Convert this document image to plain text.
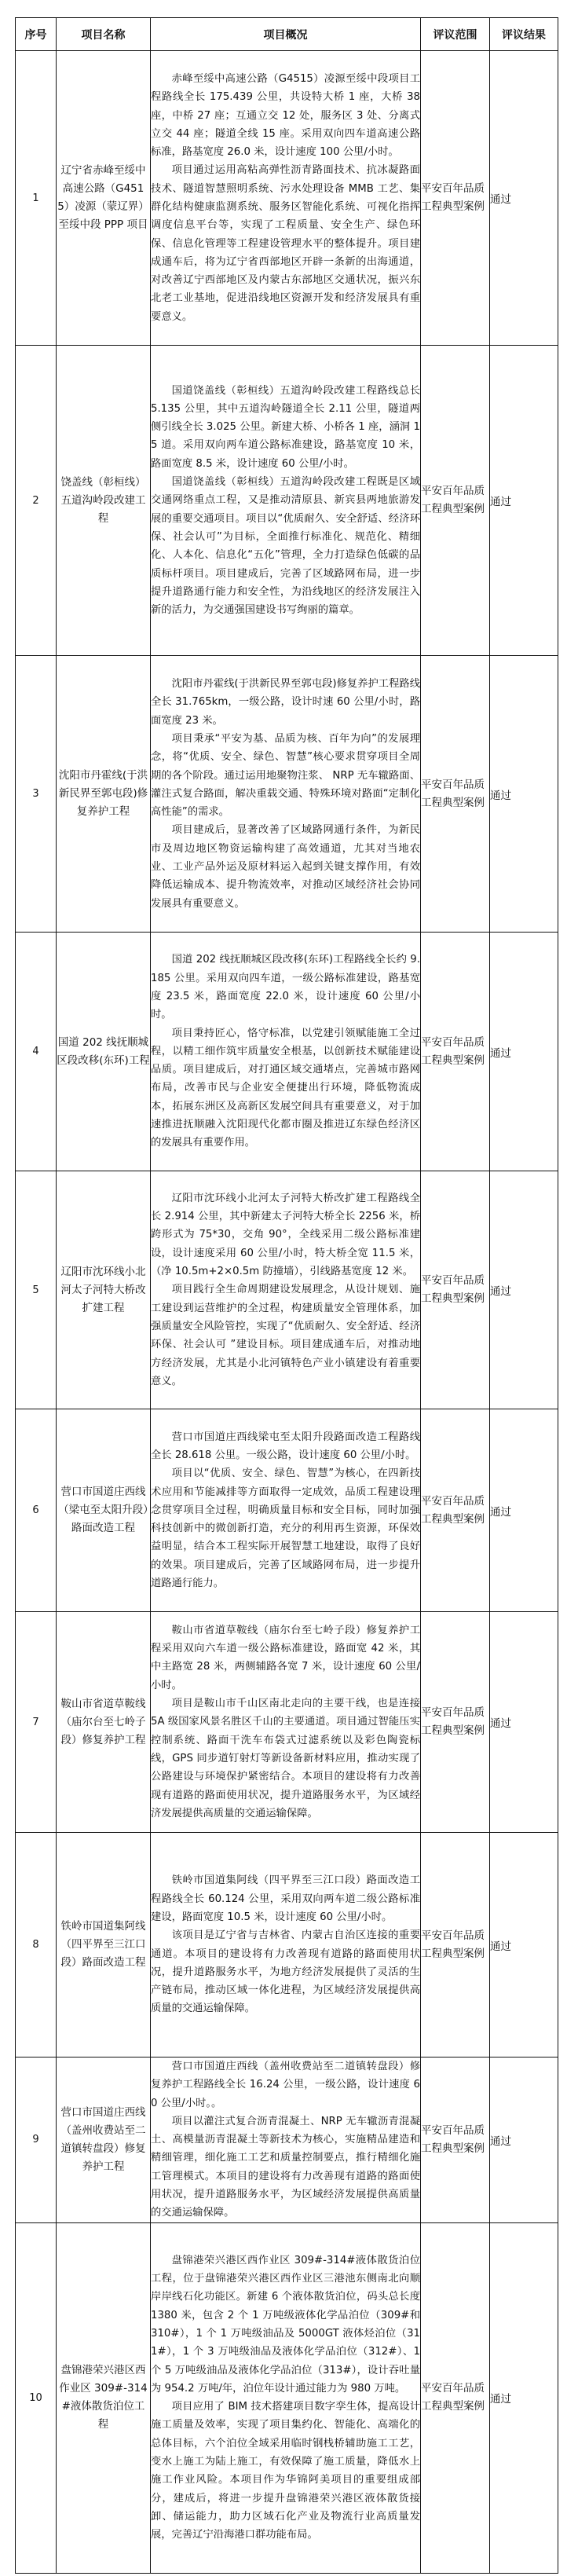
序号	项目名称	项目概况	评议范围	评议结果
1	辽宁省赤峰至绥中高速公路（G4515）凌源（蒙辽界）至绥中段 PPP 项目	赤峰至绥中高速公路（G4515）凌源至绥中段项目工程路线全长 175.439 公里，共设特大桥 1 座，大桥 38 座，中桥 27 座；互通立交 12 处，服务区 3 处、分离式立交 44 座；隧道全线 15 座。采用双向四车道高速公路标准，路基宽度 26.0 米，设计速度 100 公里/小时。

项目通过运用高粘高弹性沥青路面技术、抗冰凝路面技术、隧道智慧照明系统、污水处理设备 MMB 工艺、集群化结构健康监测系统、服务区智能化系统、可视化指挥调度信息平台等，实现了工程质量、安全生产、绿色环保、信息化管理等工程建设管理水平的整体提升。项目建成通车后，将为辽宁省西部地区开辟一条新的出海通道，对改善辽宁西部地区及内蒙古东部地区交通状况，振兴东北老工业基地，促进沿线地区资源开发和经济发展具有重要意义。	平安百年品质工程典型案例	通过
2	饶盖线（彰桓线）五道沟岭段改建工程	国道饶盖线（彰桓线）五道沟岭段改建工程路线总长 5.135 公里，其中五道沟岭隧道全长 2.11 公里，隧道两侧引线全长 3.025 公里。新建大桥、小桥各 1 座，涵洞 15 道。采用双向两车道公路标准建设，路基宽度 10 米，路面宽度 8.5 米，设计速度 60 公里/小时。

国道饶盖线（彰桓线）五道沟岭段改建工程既是区域交通网络重点工程，又是推动清原县、新宾县两地旅游发展的重要交通项目。项目以“优质耐久、安全舒适、经济环保、社会认可”为目标，全面推行标准化、规范化、精细化、人本化、信息化“五化”管理，全力打造绿色低碳的品质标杆项目。项目建成后，完善了区域路网布局，进一步提升道路通行能力和安全性，为沿线地区的经济发展注入新的活力，为交通强国建设书写绚丽的篇章。	平安百年品质工程典型案例	通过
3	沈阳市丹霍线(于洪新民界至郭屯段)修复养护工程	沈阳市丹霍线(于洪新民界至郭屯段)修复养护工程路线全长 31.765km，一级公路，设计时速 60 公里/小时，路面宽度 23 米。

项目秉承“平安为基、品质为核、百年为向”的发展理念，将“优质、安全、绿色、智慧”核心要求贯穿项目全周期的各个阶段。通过运用地聚物注浆、 NRP 无车辙路面、灌注式复合路面，解决重载交通、特殊环境对路面“定制化高性能”的需求。

项目建成后，显著改善了区域路网通行条件，为新民市及周边地区物资运输构建了高效通道，尤其对当地农业、工业产品外运及原材料运入起到关键支撑作用，有效降低运输成本、提升物流效率，对推动区域经济社会协同发展具有重要意义。	平安百年品质工程典型案例	通过
4	国道 202 线抚顺城区段改移(东环)工程	国道 202 线抚顺城区段改移(东环)工程路线全长约 9.185 公里。采用双向四车道，一级公路标准建设，路基宽度 23.5 米，路面宽度 22.0 米，设计速度 60 公里/小时。

项目秉持匠心，恪守标准，以党建引领赋能施工全过程，以精工细作筑牢质量安全根基，以创新技术赋能建设品质。项目建成后，对打通区域交通堵点，完善城市路网布局，改善市民与企业安全便捷出行环境，降低物流成本，拓展东洲区及高新区发展空间具有重要意义，对于加速推进抚顺融入沈阳现代化都市圈及推进辽东绿色经济区的发展具有重要作用。	平安百年品质工程典型案例	通过
5	辽阳市沈环线小北河太子河特大桥改扩建工程	辽阳市沈环线小北河太子河特大桥改扩建工程路线全长 2.914 公里，其中新建太子河特大桥全长 2256 米，桥跨形式为 75*30，交角 90°，全线采用二级公路标准建设，设计速度采用 60 公里/小时，特大桥全宽 11.5 米，（净 10.5m+2×0.5m 防撞墙），引线路基宽度 12 米。

项目践行全生命周期建设发展理念，从设计规划、施工建设到运营维护的全过程，构建质量安全管理体系，加强质量安全风险管控，实现了“优质耐久、安全舒适、经济环保、社会认可 ”建设目标。项目建成通车后，对推动地方经济发展，尤其是小北河镇特色产业小镇建设有着重要意义。	平安百年品质工程典型案例	通过
6	营口市国道庄西线（梁屯至太阳升段）路面改造工程	营口市国道庄西线梁屯至太阳升段路面改造工程路线全长 28.618 公里。一级公路，设计速度 60 公里/小时。

项目以“优质、安全、绿色、智慧”为核心，在四新技术应用和节能减排等方面取得一定成效，品质工程建设理念贯穿项目全过程，明确质量目标和安全目标，同时加强科技创新中的微创新打造，充分的利用再生资源，环保效益明显，结合本工程实际开展智慧工地建设，取得了良好的效果。项目建成后，完善了区域路网布局，进一步提升道路通行能力。	平安百年品质工程典型案例	通过
7	鞍山市省道草鞍线（庙尔台至七岭子段）修复养护工程	鞍山市省道草鞍线（庙尔台至七岭子段）修复养护工程采用双向六车道一级公路标准建设，路面宽 42 米，其中主路宽 28 米，两侧辅路各宽 7 米，设计速度 60 公里/小时。

项目是鞍山市千山区南北走向的主要干线，也是连接 5A 级国家风景名胜区千山的主要通道。项目通过智能压实控制系统、路面干洗车布袋式过滤系统以及彩色陶瓷标线，GPS 同步道钉射灯等新设备新材料应用，推动实现了公路建设与环境保护紧密结合。本项目的建设将有力改善现有道路的路面使用状况，提升道路服务水平，为区域经济发展提供高质量的交通运输保障。	平安百年品质工程典型案例	通过
8	铁岭市国道集阿线（四平界至三江口段）路面改造工程	铁岭市国道集阿线（四平界至三江口段）路面改造工程路线全长 60.124 公里，采用双向两车道二级公路标准建设，路面宽度 10.5 米，设计速度 60 公里/小时。

该项目是辽宁省与吉林省、内蒙古自治区连接的重要通道。本项目的建设将有力改善现有道路的路面使用状况，提升道路服务水平，为地方经济发展提供了灵活的生产链布局，推动区域一体化进程，为区域经济发展提供高质量的交通运输保障。	平安百年品质工程典型案例	通过
9	营口市国道庄西线（盖州收费站至二道镇转盘段）修复养护工程	营口市国道庄西线（盖州收费站至二道镇转盘段）修复养护工程路线全长 16.24 公里，一级公路，设计速度 60 公里/小时。。

项目以灌注式复合沥青混凝土、NRP 无车辙沥青混凝土、高模量沥青混凝土等新技术为核心，实施精品建造和精细管理，细化施工工艺和质量控制要点，推行精细化施工管理模式。本项目的建设将有力改善现有道路的路面使用状况，提升道路服务水平，为区域经济发展提供高质量的交通运输保障。	平安百年品质工程典型案例	通过
10	盘锦港荣兴港区西作业区 309#-314#液体散货泊位工程	盘锦港荣兴港区西作业区 309#-314#液体散货泊位工程，位于盘锦港荣兴港区西作业区三港池东侧南北向顺岸岸线石化功能区。新建 6 个液体散货泊位，码头总长度 1380 米，包含 2 个 1 万吨级液体化学品泊位（309#和 310#），1 个 1 万吨级油品及 5000GT 液体烃泊位（311#），1 个 3 万吨级油品及液体化学品泊位（312#）、1 个 5 万吨级油品及液体化学品泊位（313#），设计吞吐量为 954.2 万吨/年，泊位年设计通过能力为 980 万吨。

项目应用了 BIM 技术搭建项目数字孪生体，提高设计施工质量及效率，实现了项目集约化、智能化、高端化的总体目标，六个泊位全域采用临时钢栈桥辅助施工工艺，变水上施工为陆上施工，有效保障了施工质量，降低水上施工作业风险。本项目作为华锦阿美项目的重要组成部分，建成后，将进一步提升盘锦港荣兴港区液体散货接卸、储运能力，助力区域石化产业及物流行业高质量发展，完善辽宁沿海港口群功能布局。	平安百年品质工程典型案例	通过
